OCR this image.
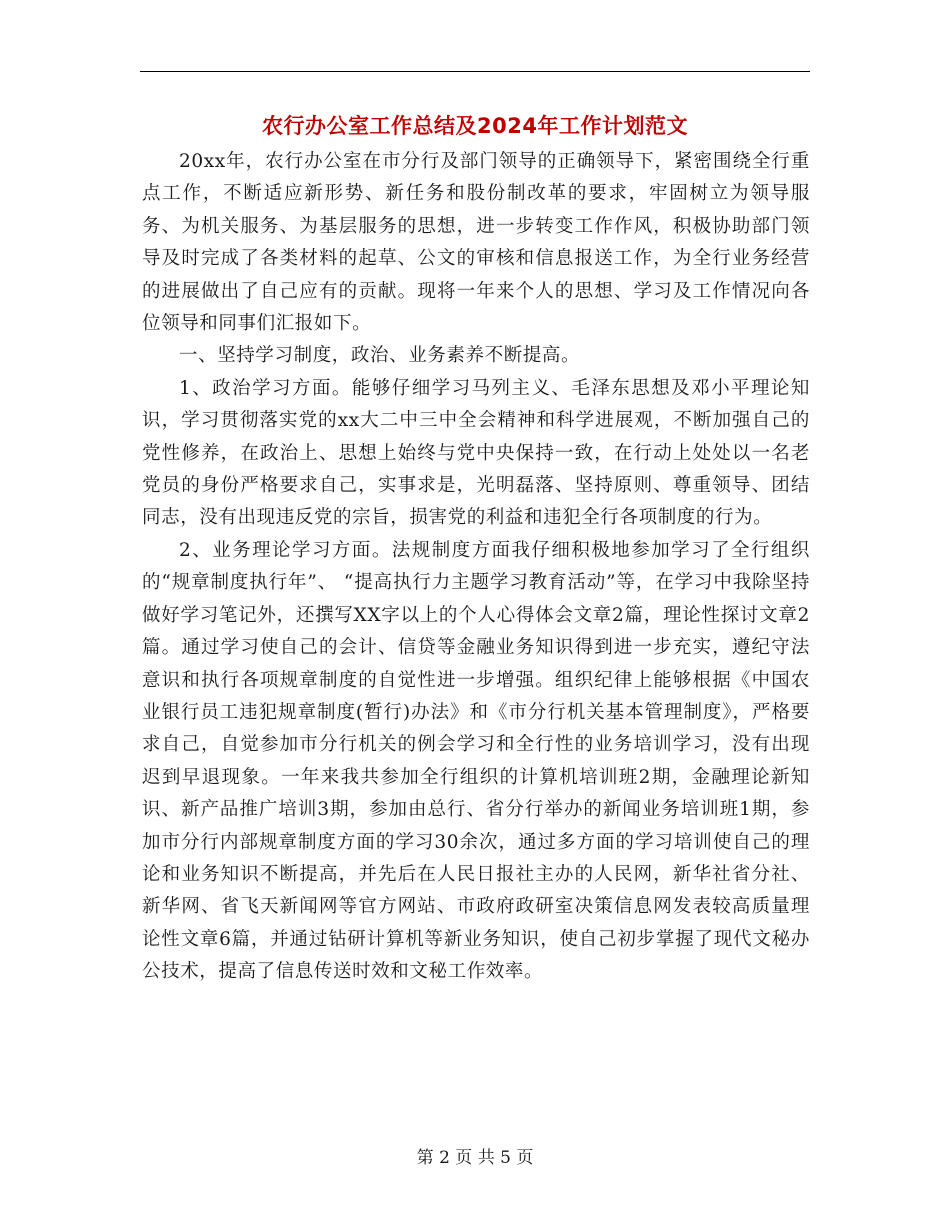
农行办公室工作总结及2024年工作计划范文

20xx年，农行办公室在市分行及部门领导的正确领导下，紧密围绕全行重点工作，不断适应新形势、新任务和股份制改革的要求，牢固树立为领导服务、为机关服务、为基层服务的思想，进一步转变工作作风，积极协助部门领导及时完成了各类材料的起草、公文的审核和信息报送工作，为全行业务经营的进展做出了自己应有的贡献。现将一年来个人的思想、学习及工作情况向各位领导和同事们汇报如下。

一、坚持学习制度，政治、业务素养不断提高。

1、政治学习方面。能够仔细学习马列主义、毛泽东思想及邓小平理论知识，学习贯彻落实党的xx大二中三中全会精神和科学进展观，不断加强自己的党性修养，在政治上、思想上始终与党中央保持一致，在行动上处处以一名老党员的身份严格要求自己，实事求是，光明磊落、坚持原则、尊重领导、团结同志，没有出现违反党的宗旨，损害党的利益和违犯全行各项制度的行为。

2、业务理论学习方面。法规制度方面我仔细积极地参加学习了全行组织的“规章制度执行年”、 “提高执行力主题学习教育活动”等，在学习中我除坚持做好学习笔记外，还撰写XX字以上的个人心得体会文章2篇，理论性探讨文章2篇。通过学习使自己的会计、信贷等金融业务知识得到进一步充实，遵纪守法意识和执行各项规章制度的自觉性进一步增强。组织纪律上能够根据《中国农业银行员工违犯规章制度(暂行)办法》和《市分行机关基本管理制度》，严格要求自己，自觉参加市分行机关的例会学习和全行性的业务培训学习，没有出现迟到早退现象。一年来我共参加全行组织的计算机培训班2期，金融理论新知识、新产品推广培训3期，参加由总行、省分行举办的新闻业务培训班1期，参加市分行内部规章制度方面的学习30余次，通过多方面的学习培训使自己的理论和业务知识不断提高，并先后在人民日报社主办的人民网，新华社省分社、新华网、省飞天新闻网等官方网站、市政府政研室决策信息网发表较高质量理论性文章6篇，并通过钻研计算机等新业务知识，使自己初步掌握了现代文秘办公技术，提高了信息传送时效和文秘工作效率。

第 2 页 共 5 页
